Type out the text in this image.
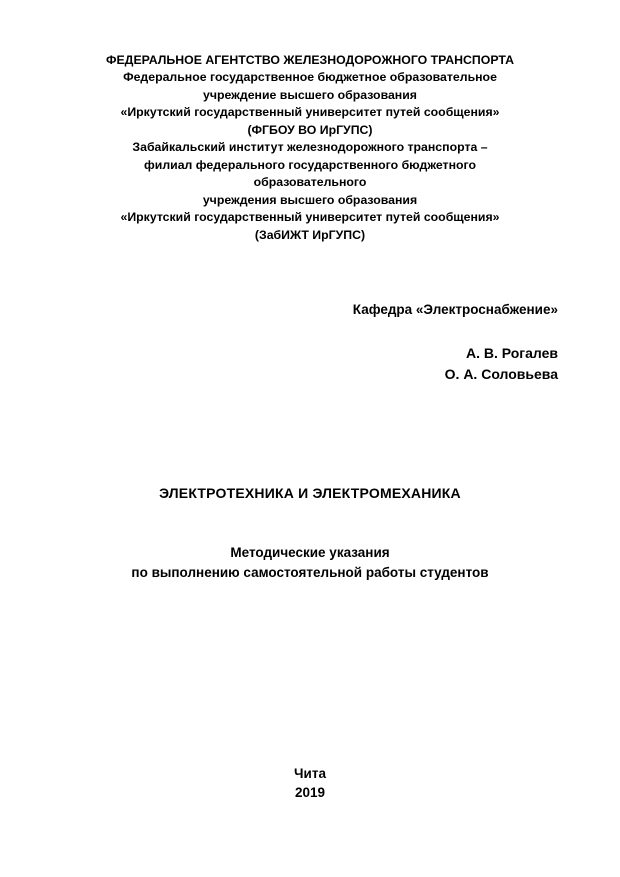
ФЕДЕРАЛЬНОЕ АГЕНТСТВО ЖЕЛЕЗНОДОРОЖНОГО ТРАНСПОРТА
Федеральное государственное бюджетное образовательное
учреждение высшего образования
«Иркутский государственный университет путей сообщения»
(ФГБОУ ВО ИрГУПС)
Забайкальский институт железнодорожного транспорта –
филиал федерального государственного бюджетного
образовательного
учреждения высшего образования
«Иркутский государственный университет путей сообщения»
(ЗабИЖТ ИрГУПС)
Кафедра «Электроснабжение»
А. В. Рогалев
О. А. Соловьева
ЭЛЕКТРОТЕХНИКА И ЭЛЕКТРОМЕХАНИКА
Методические указания
по выполнению самостоятельной работы студентов
Чита
2019
